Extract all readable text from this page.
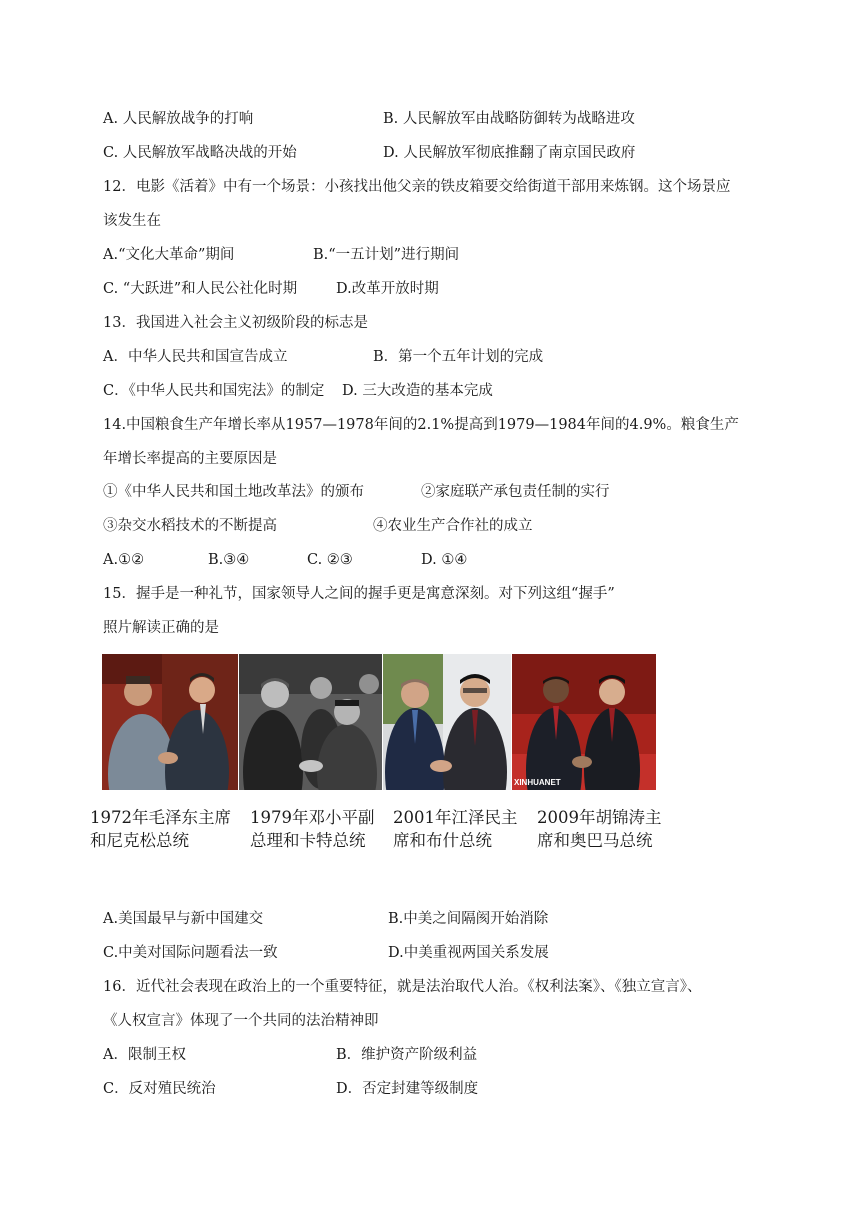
A. 人民解放战争的打响	B. 人民解放军由战略防御转为战略进攻
C. 人民解放军战略决战的开始	D. 人民解放军彻底推翻了南京国民政府
12．电影《活着》中有一个场景：小孩找出他父亲的铁皮箱要交给街道干部用来炼钢。这个场景应
该发生在
A.“文化大革命”期间	B.“一五计划”进行期间
C. “大跃进”和人民公社化时期	D.改革开放时期
13．我国进入社会主义初级阶段的标志是
A．中华人民共和国宣告成立	B．第一个五年计划的完成
C．《中华人民共和国宪法》的制定 D. 三大改造的基本完成
14.中国粮食生产年增长率从1957—1978年间的2.1%提高到1979—1984年间的4.9%。粮食生产
年增长率提高的主要原因是
①《中华人民共和国土地改革法》的颁布	②家庭联产承包责任制的实行
③杂交水稻技术的不断提高	④农业生产合作社的成立
A.①②	B.③④	C. ②③	D. ①④
15．握手是一种礼节，国家领导人之间的握手更是寓意深刻。对下列这组“握手”
照片解读正确的是
XINHUANET
1972年毛泽东主席
和尼克松总统
1979年邓小平副
总理和卡特总统
2001年江泽民主
席和布什总统
2009年胡锦涛主
席和奥巴马总统
A.美国最早与新中国建交	B.中美之间隔阂开始消除
C.中美对国际问题看法一致	D.中美重视两国关系发展
16．近代社会表现在政治上的一个重要特征，就是法治取代人治。《权利法案》、《独立宣言》、
《人权宣言》体现了一个共同的法治精神即
A．限制王权	B．维护资产阶级利益
C．反对殖民统治	D．否定封建等级制度
